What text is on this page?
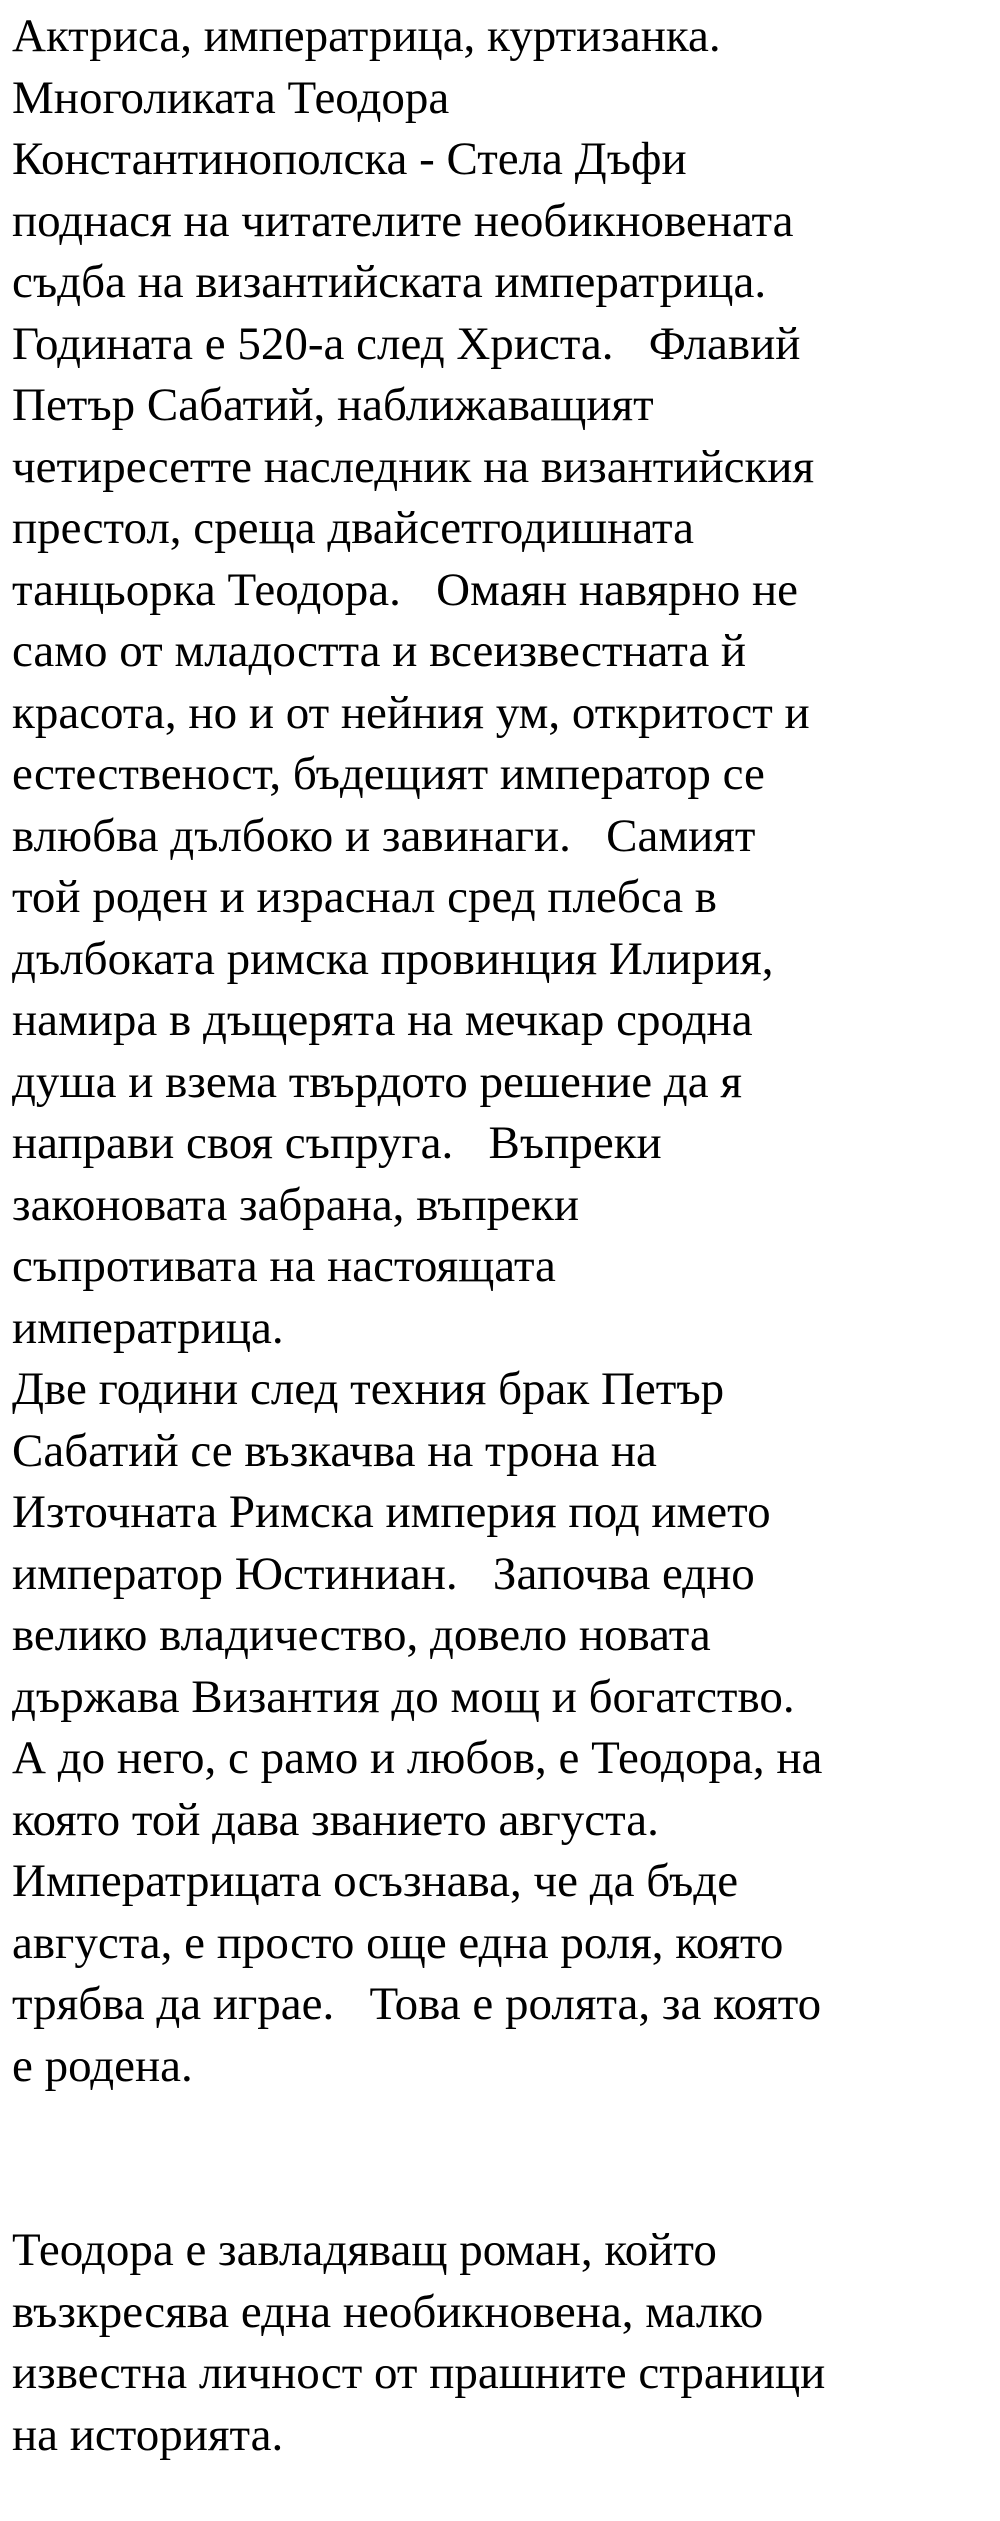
Актриса, императрица, куртизанка.
Многоликата Теодора
Константинополска - Стела Дъфи
поднася на читателите необикновената
съдба на византийската императрица.
Годината е 520-а след Христа.   Флавий
Петър Сабатий, наближаващият
четиресетте наследник на византийския
престол, среща двайсетгодишната
танцьорка Теодора.   Омаян навярно не
само от младостта и всеизвестната й
красота, но и от нейния ум, откритост и
естественост, бъдещият император се
влюбва дълбоко и завинаги.   Самият
той роден и израснал сред плебса в
дълбоката римска провинция Илирия,
намира в дъщерята на мечкар сродна
душа и взема твърдото решение да я
направи своя съпруга.   Въпреки
законовата забрана, въпреки
съпротивата на настоящата
императрица.

Две години след техния брак Петър
Сабатий се възкачва на трона на
Източната Римска империя под името
император Юстиниан.   Започва едно
велико владичество, довело новата
държава Византия до мощ и богатство.
А до него, с рамо и любов, е Теодора, на
която той дава званието августа.
Императрицата осъзнава, че да бъде
августа, е просто още една роля, която
трябва да играе.   Това е ролята, за която
е родена.

Теодора е завладяващ роман, който
възкресява една необикновена, малко
известна личност от прашните страници
на историята.
